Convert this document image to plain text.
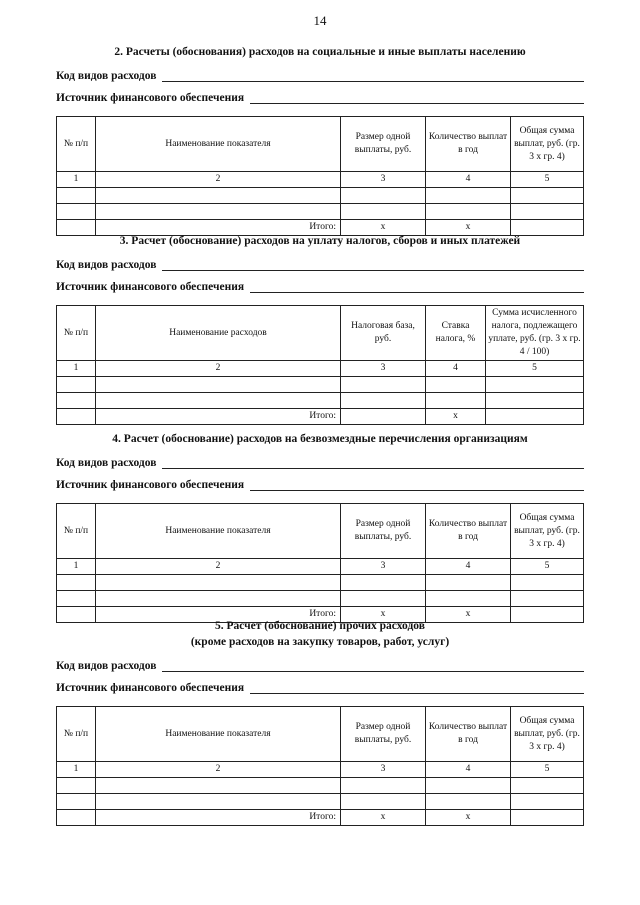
14
2. Расчеты (обоснования) расходов на социальные и иные выплаты населению
Код видов расходов
Источник финансового обеспечения
№ п/п	Наименование показателя	Размер одной выплаты, руб.	Количество выплат в год	Общая сумма выплат, руб. (гр. 3 x гр. 4)
1	2	3	4	5

	Итого:	x	x	
3. Расчет (обоснование) расходов на уплату налогов, сборов и иных платежей
Код видов расходов
Источник финансового обеспечения
№ п/п	Наименование расходов	Налоговая база, руб.	Ставка налога, %	Сумма исчисленного налога, подлежащего уплате, руб. (гр. 3 x гр. 4 / 100)
1	2	3	4	5

	Итого:		x	
4. Расчет (обоснование) расходов на безвозмездные перечисления организациям
Код видов расходов
Источник финансового обеспечения
№ п/п	Наименование показателя	Размер одной выплаты, руб.	Количество выплат в год	Общая сумма выплат, руб. (гр. 3 x гр. 4)
1	2	3	4	5

	Итого:	x	x	
5. Расчет (обоснование) прочих расходов
(кроме расходов на закупку товаров, работ, услуг)
Код видов расходов
Источник финансового обеспечения
№ п/п	Наименование показателя	Размер одной выплаты, руб.	Количество выплат в год	Общая сумма выплат, руб. (гр. 3 x гр. 4)
1	2	3	4	5

	Итого:	x	x	
